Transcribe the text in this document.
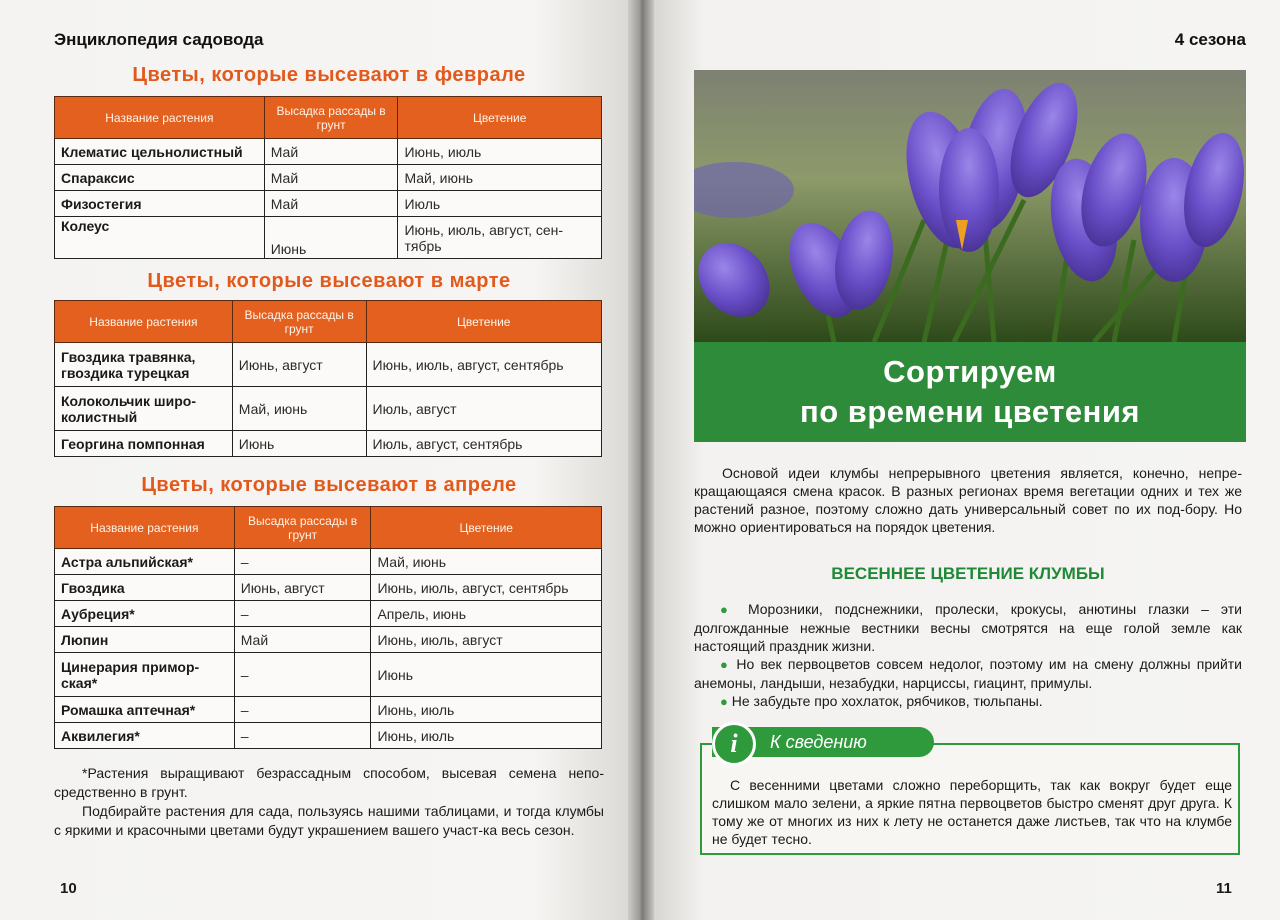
Энциклопедия садовода
Цветы, которые высевают в феврале
Название растения	Высадка рассады в грунт	Цветение
Клематис цельнолистный	Май	Июнь, июль
Спараксис	Май	Май, июнь
Физостегия	Май	Июль
Колеус	Июнь	Июнь, июль, август, сен-тябрь
Цветы, которые высевают в марте
Название растения	Высадка рассады в грунт	Цветение
Гвоздика травянка, гвоздика турецкая	Июнь, август	Июнь, июль, август, сентябрь
Колокольчик широ-колистный	Май, июнь	Июль, август
Георгина помпонная	Июнь	Июль, август, сентябрь
Цветы, которые высевают в апреле
Название растения	Высадка рассады в грунт	Цветение
Астра альпийская*	–	Май, июнь
Гвоздика	Июнь, август	Июнь, июль, август, сентябрь
Аубреция*	–	Апрель, июнь
Люпин	Май	Июнь, июль, август
Цинерария примор-ская*	–	Июнь
Ромашка аптечная*	–	Июнь, июль
Аквилегия*	–	Июнь, июль

*Растения выращивают безрассадным способом, высевая семена непо-средственно в грунт.

Подбирайте растения для сада, пользуясь нашими таблицами, и тогда клумбы с яркими и красочными цветами будут украшением вашего участ-ка весь сезон.

10
4 сезона
Сортируем
по времени цветения

Основой идеи клумбы непрерывного цветения является, конечно, непре-кращающаяся смена красок. В разных регионах время вегетации одних и тех же растений разное, поэтому сложно дать универсальный совет по их под-бору. Но можно ориентироваться на порядок цветения.

ВЕСЕННЕЕ ЦВЕТЕНИЕ КЛУМБЫ

● Морозники, подснежники, пролески, крокусы, анютины глазки – эти долгожданные нежные вестники весны смотрятся на еще голой земле как настоящий праздник жизни.

● Но век первоцветов совсем недолог, поэтому им на смену должны прийти анемоны, ландыши, незабудки, нарциссы, гиацинт, примулы.

● Не забудьте про хохлаток, рябчиков, тюльпаны.

К сведению
i

С весенними цветами сложно переборщить, так как вокруг будет еще слишком мало зелени, а яркие пятна первоцветов быстро сменят друг друга. К тому же от многих из них к лету не останется даже листьев, так что на клумбе не будет тесно.

11
